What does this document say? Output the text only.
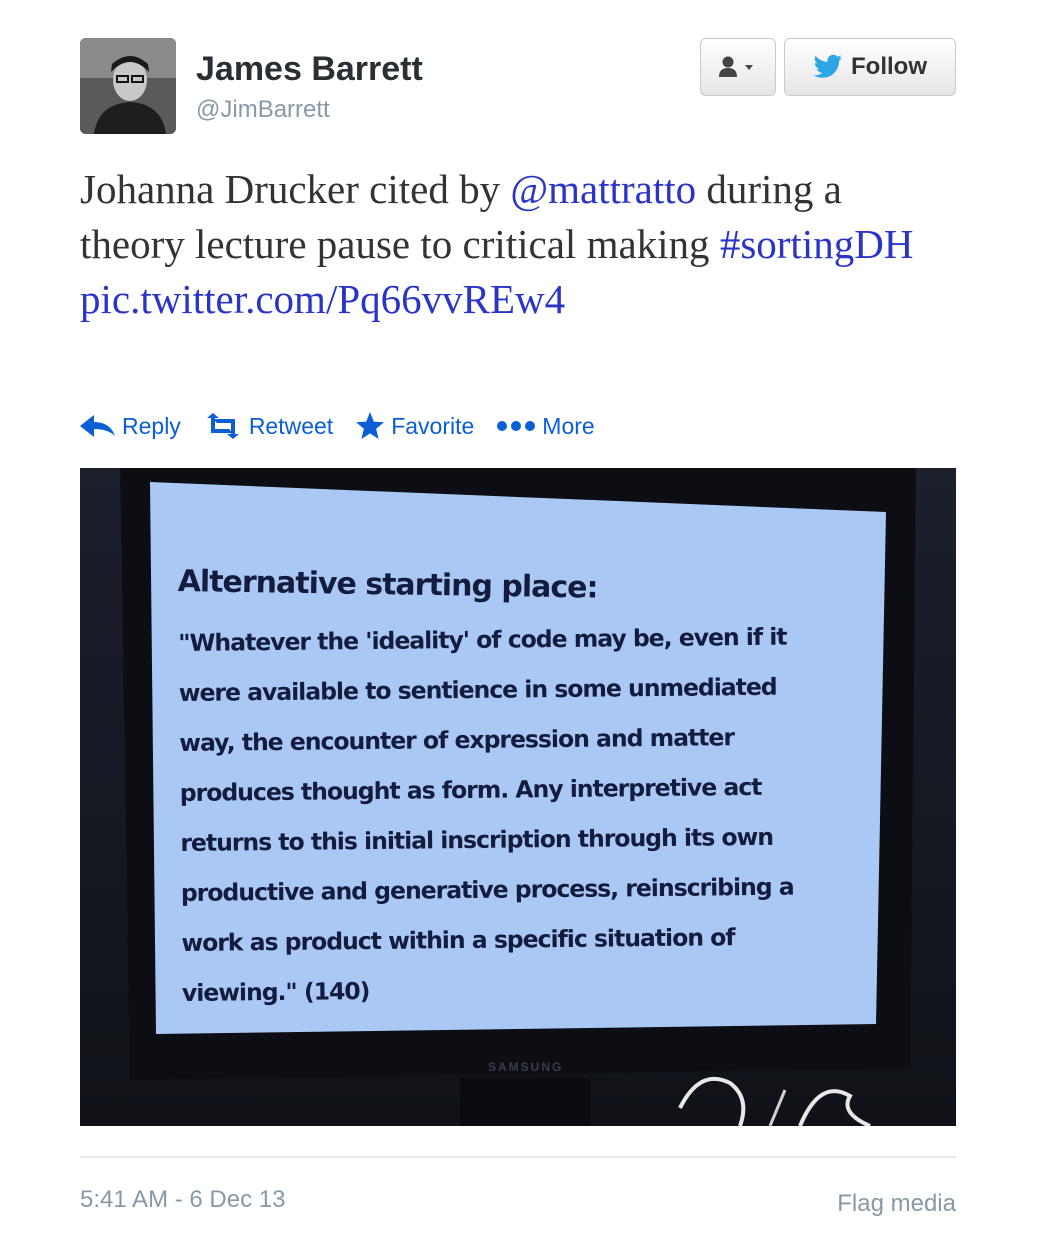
James Barrett
@JimBarrett
Follow
Johanna Drucker cited by @mattratto during a theory lecture pause to critical making #sortingDH
pic.twitter.com/Pq66vvREw4
Reply	Retweet	Favorite	More
Alternative starting place:
"Whatever the 'ideality' of code may be, even if it were available to sentience in some unmediated way, the encounter of expression and matter produces thought as form. Any interpretive act returns to this initial inscription through its own productive and generative process, reinscribing a work as product within a specific situation of viewing." (140)
SAMSUNG
5:41 AM - 6 Dec 13	Flag media
